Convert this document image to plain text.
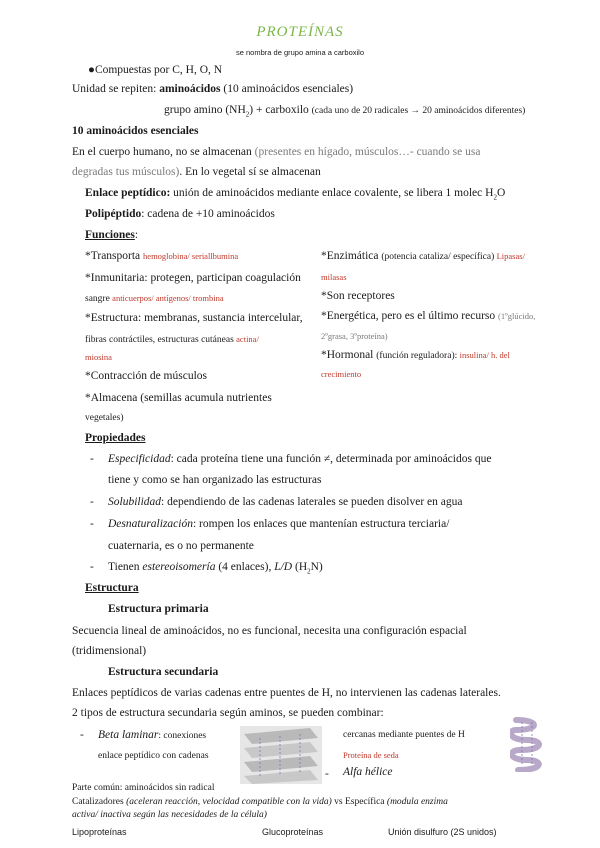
PROTEÍNAS
se nombra de grupo amina a carboxilo
●Compuestas por C, H, O, N
Unidad se repiten: aminoácidos (10 aminoácidos esenciales)
grupo amino $(NH_2)$ + carboxilo (cada uno de 20 radicales → 20 aminoácidos diferentes)
10 aminoácidos esenciales
En el cuerpo humano, no se almacenan (presentes en hígado, músculos…- cuando se usa
degradas tus músculos). En lo vegetal sí se almacenan
Enlace peptídico: unión de aminoácidos mediante enlace covalente, se libera 1 molec $H_2O$
Polipéptido: cadena de +10 aminoácidos
Funciones:
*Transporta hemoglobina/ seriallbumina
*Inmunitaria: protegen, participan coagulación
sangre anticuerpos/ antígenos/ trombina
*Estructura: membranas, sustancia intercelular,
fibras contráctiles, estructuras cutáneas actina/
miosina
*Contracción de músculos
*Almacena (semillas acumula nutrientes
vegetales)
*Enzimática (potencia cataliza/ específica) Lipasas/
milasas
*Son receptores
*Energética, pero es el último recurso (1ºglúcido,
2ºgrasa, 3ºproteína)
*Hormonal (función reguladora): insulina/ h. del
crecimiento
Propiedades
- Especificidad: cada proteína tiene una función ≠, determinada por aminoácidos que
tiene y como se han organizado las estructuras
- Solubilidad: dependiendo de las cadenas laterales se pueden disolver en agua
- Desnaturalización: rompen los enlaces que mantenían estructura terciaria/
cuaternaria, es o no permanente
- Tienen estereoisomería (4 enlaces), L/D $(H_2N)$
Estructura
Estructura primaria
Secuencia lineal de aminoácidos, no es funcional, necesita una configuración espacial
(tridimensional)
Estructura secundaria
Enlaces peptídicos de varias cadenas entre puentes de H, no intervienen las cadenas laterales.
2 tipos de estructura secundaria según aminos, se pueden combinar:
- Beta laminar: conexiones
enlace peptídico con cadenas
cercanas mediante puentes de H
Proteína de seda
- Alfa hélice
Parte común: aminoácidos sin radical
Catalizadores (aceleran reacción, velocidad compatible con la vida) vs Específica (modula enzima
activa/ inactiva según las necesidades de la célula)
Lipoproteínas	Glucoproteínas	Unión disulfuro (2S unidos)
